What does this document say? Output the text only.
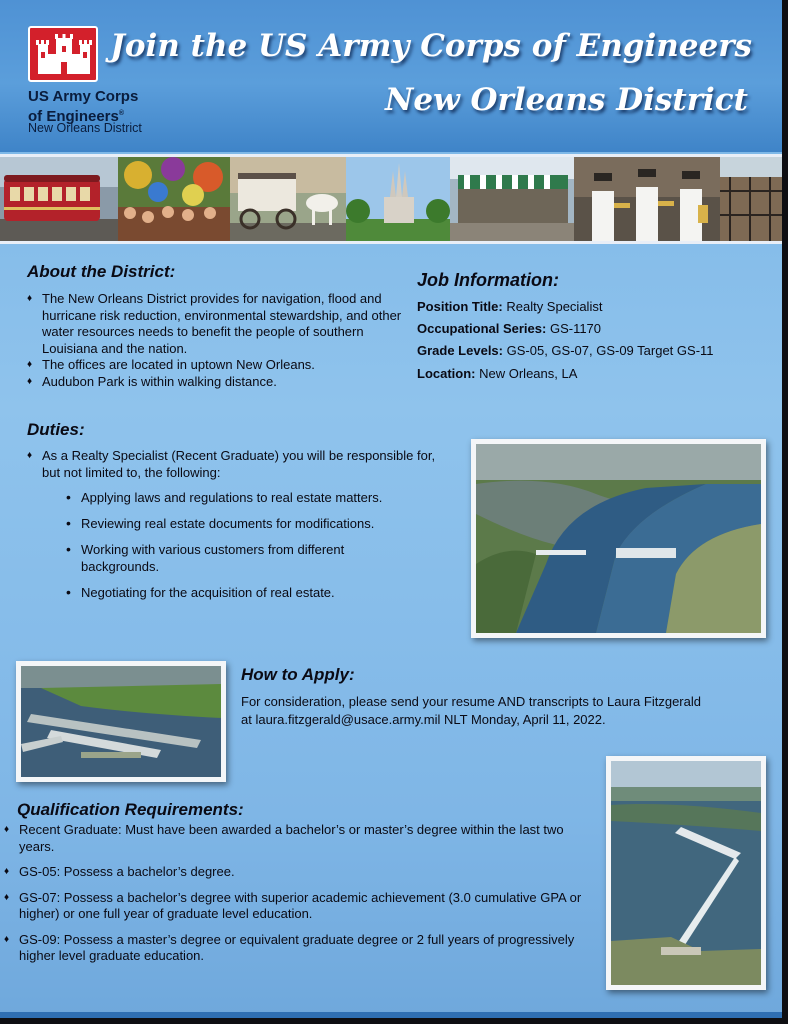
US Army Corps
of Engineers®
New Orleans District
Join the US Army Corps of Engineers
New Orleans District
About the District:
♦ The New Orleans District provides for navigation, flood and hurricane risk reduction, environmental stewardship, and other water resources needs to benefit the people of southern Louisiana and the nation.
♦ The offices are located in uptown New Orleans.
♦ Audubon Park is within walking distance.
Job Information:
Position Title: Realty Specialist
Occupational Series: GS-1170
Grade Levels: GS-05, GS-07, GS-09 Target GS-11
Location: New Orleans, LA
Duties:
♦ As a Realty Specialist (Recent Graduate) you will be responsible for, but not limited to, the following:
• Applying laws and regulations to real estate matters.
• Reviewing real estate documents for modifications.
• Working with various customers from different backgrounds.
• Negotiating for the acquisition of real estate.
How to Apply:
For consideration, please send your resume AND transcripts to Laura Fitzgerald at laura.fitzgerald@usace.army.mil NLT Monday, April 11, 2022.
Qualification Requirements:
♦ Recent Graduate: Must have been awarded a bachelor’s or master’s degree within the last two years.
♦ GS-05: Possess a bachelor’s degree.
♦ GS-07: Possess a bachelor’s degree with superior academic achievement (3.0 cumulative GPA or higher) or one full year of graduate level education.
♦ GS-09: Possess a master’s degree or equivalent graduate degree or 2 full years of progressively higher level graduate education.
